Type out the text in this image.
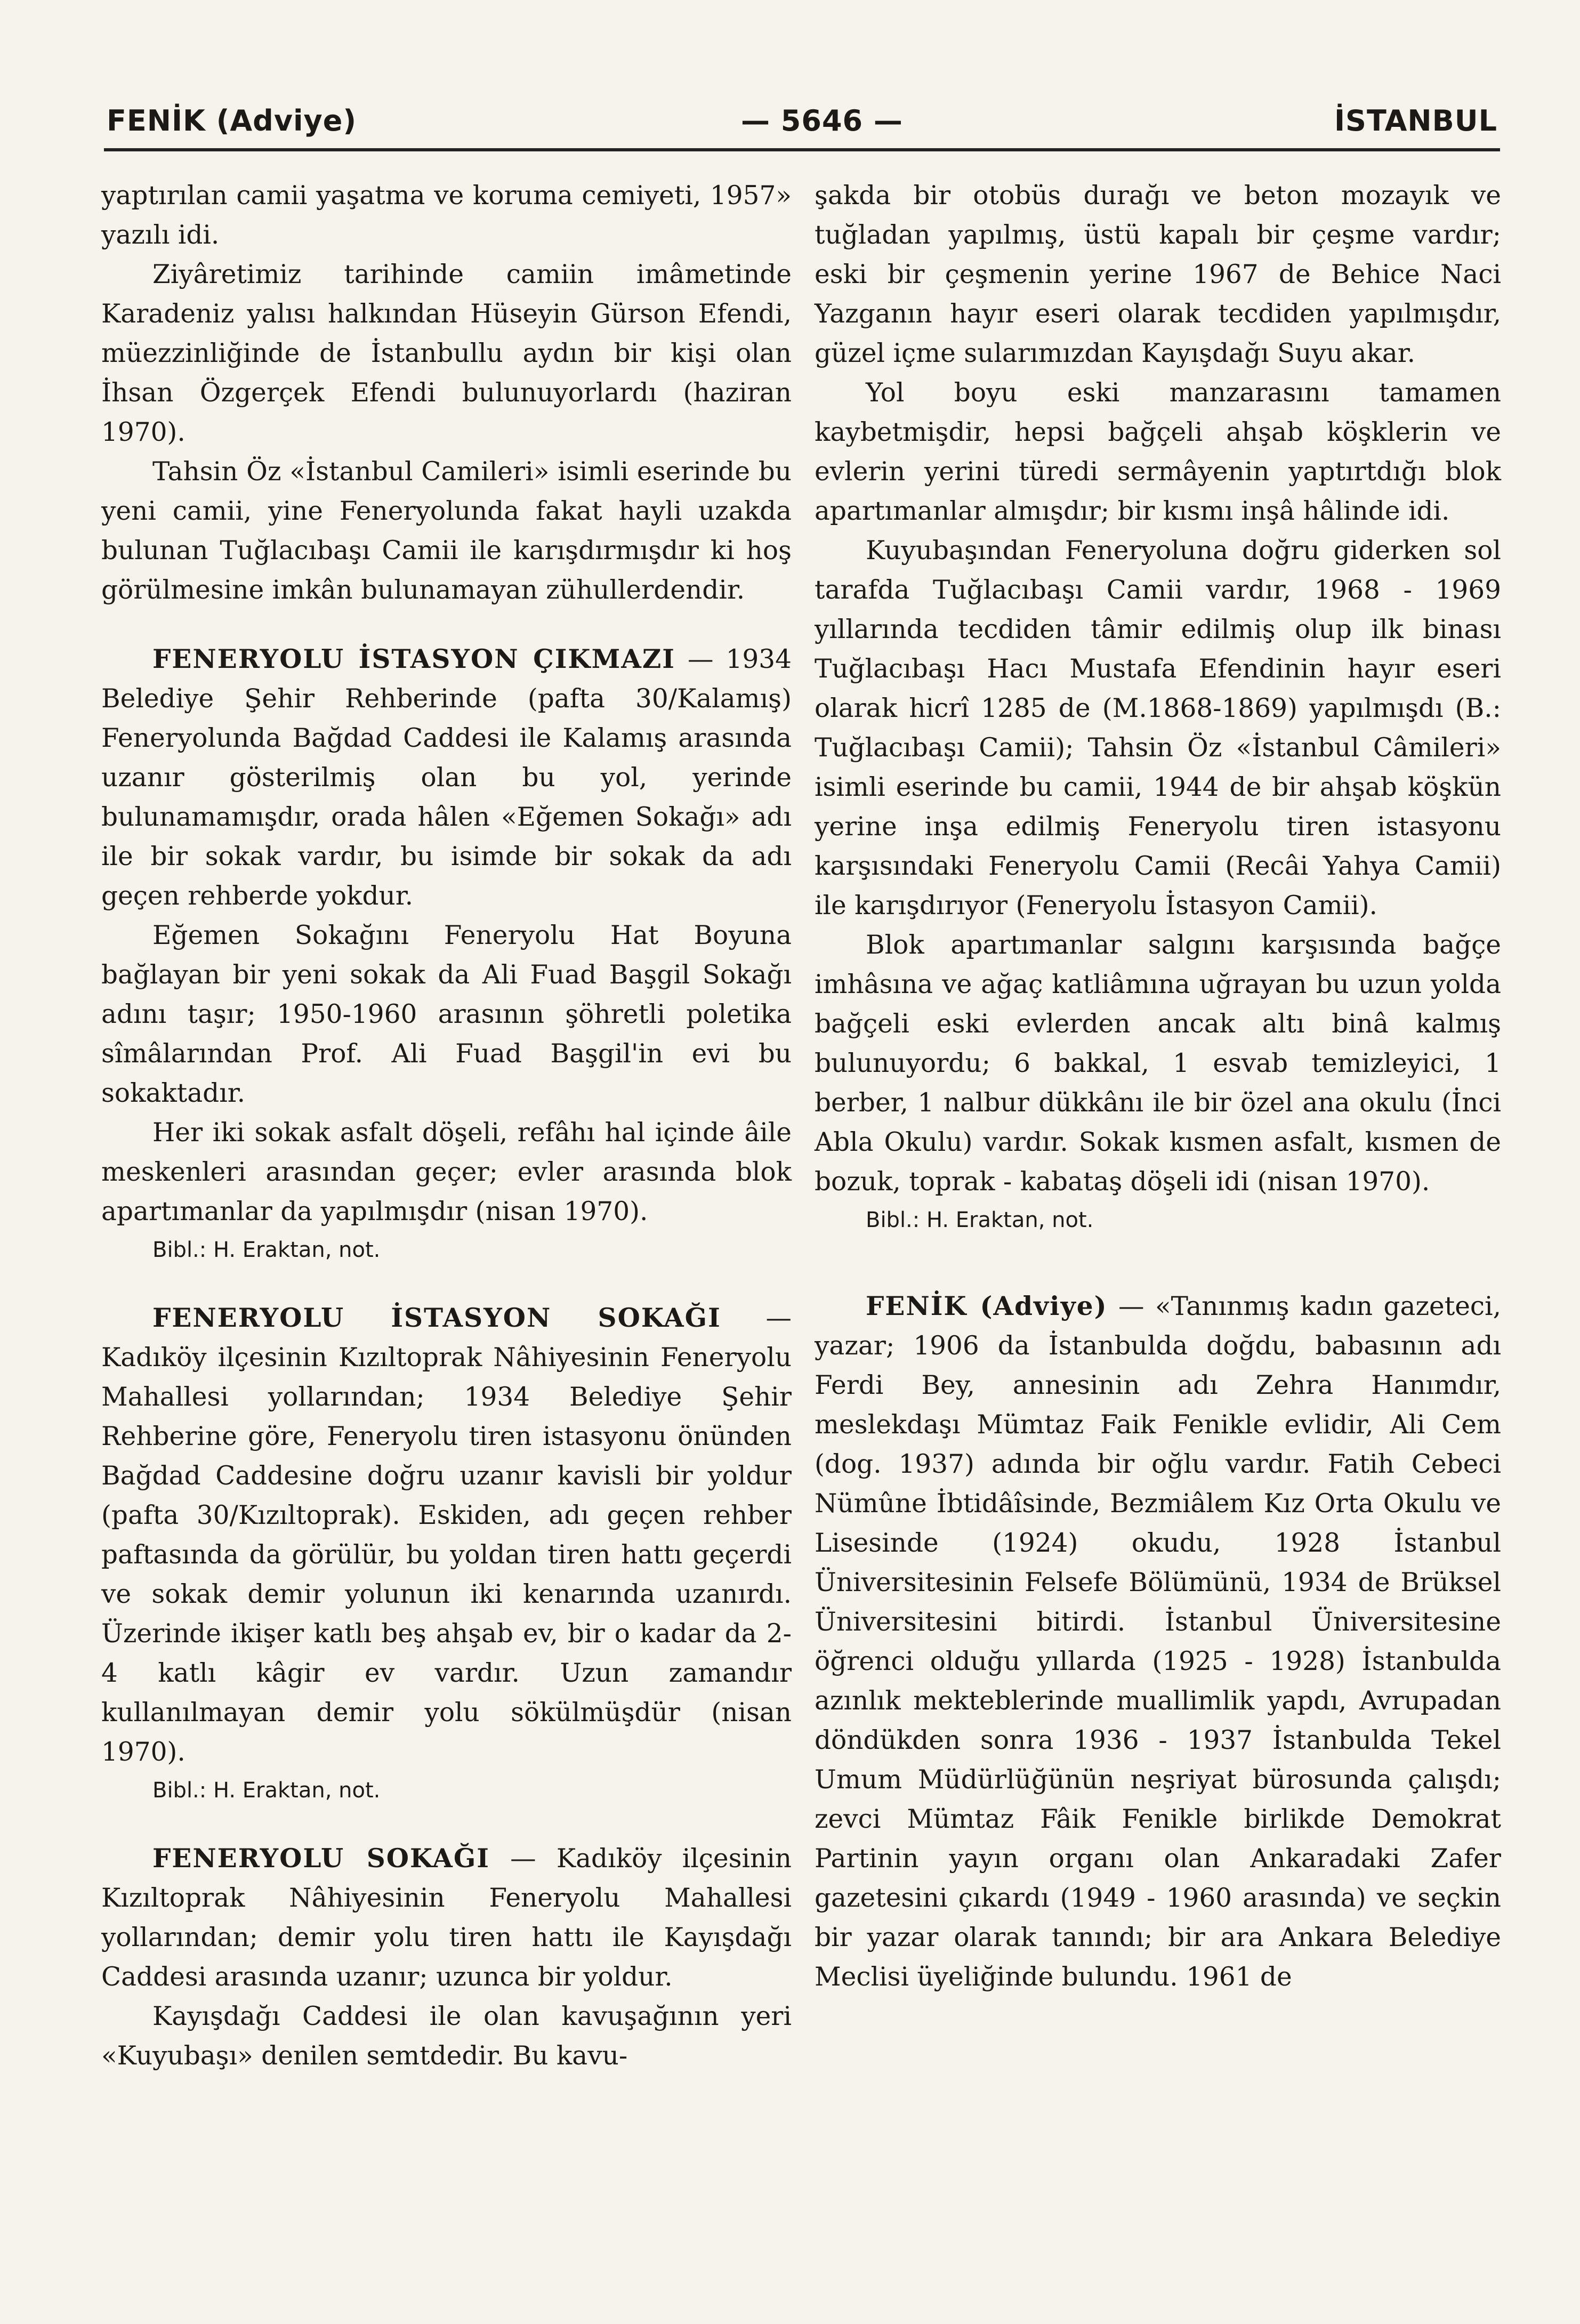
FENİK (Adviye)	— 5646 —	İSTANBUL

yaptırılan camii yaşatma ve koruma cemiyeti, 1957» yazılı idi.

Ziyâretimiz tarihinde camiin imâmetinde Karadeniz yalısı halkından Hüseyin Gürson Efendi, müezzinliğinde de İstanbullu aydın bir kişi olan İhsan Özgerçek Efendi bulunuyorlardı (haziran 1970).

Tahsin Öz «İstanbul Camileri» isimli eserinde bu yeni camii, yine Feneryolunda fakat hayli uzakda bulunan Tuğlacıbaşı Camii ile karışdırmışdır ki hoş görülmesine imkân bulunamayan zühullerdendir.

FENERYOLU İSTASYON ÇIKMAZI — 1934 Belediye Şehir Rehberinde (pafta 30/Kalamış) Feneryolunda Bağdad Caddesi ile Kalamış arasında uzanır gösterilmiş olan bu yol, yerinde bulunamamışdır, orada hâlen «Eğemen Sokağı» adı ile bir sokak vardır, bu isimde bir sokak da adı geçen rehberde yokdur.

Eğemen Sokağını Feneryolu Hat Boyuna bağlayan bir yeni sokak da Ali Fuad Başgil Sokağı adını taşır; 1950-1960 arasının şöhretli poletika sîmâlarından Prof. Ali Fuad Başgil'in evi bu sokaktadır.

Her iki sokak asfalt döşeli, refâhı hal içinde âile meskenleri arasından geçer; evler arasında blok apartımanlar da yapılmışdır (nisan 1970).

Bibl.: H. Eraktan, not.

FENERYOLU İSTASYON SOKAĞI — Kadıköy ilçesinin Kızıltoprak Nâhiyesinin Feneryolu Mahallesi yollarından; 1934 Belediye Şehir Rehberine göre, Feneryolu tiren istasyonu önünden Bağdad Caddesine doğru uzanır kavisli bir yoldur (pafta 30/Kızıltoprak). Eskiden, adı geçen rehber paftasında da görülür, bu yoldan tiren hattı geçerdi ve sokak demir yolunun iki kenarında uzanırdı. Üzerinde ikişer katlı beş ahşab ev, bir o kadar da 2-4 katlı kâgir ev vardır. Uzun zamandır kullanılmayan demir yolu sökülmüşdür (nisan 1970).

Bibl.: H. Eraktan, not.

FENERYOLU SOKAĞI — Kadıköy ilçesinin Kızıltoprak Nâhiyesinin Feneryolu Mahallesi yollarından; demir yolu tiren hattı ile Kayışdağı Caddesi arasında uzanır; uzunca bir yoldur.

Kayışdağı Caddesi ile olan kavuşağının yeri «Kuyubaşı» denilen semtdedir. Bu kavu-

şakda bir otobüs durağı ve beton mozayık ve tuğladan yapılmış, üstü kapalı bir çeşme vardır; eski bir çeşmenin yerine 1967 de Behice Naci Yazganın hayır eseri olarak tecdiden yapılmışdır, güzel içme sularımızdan Kayışdağı Suyu akar.

Yol boyu eski manzarasını tamamen kaybetmişdir, hepsi bağçeli ahşab köşklerin ve evlerin yerini türedi sermâyenin yaptırtdığı blok apartımanlar almışdır; bir kısmı inşâ hâlinde idi.

Kuyubaşından Feneryoluna doğru giderken sol tarafda Tuğlacıbaşı Camii vardır, 1968 - 1969 yıllarında tecdiden tâmir edilmiş olup ilk binası Tuğlacıbaşı Hacı Mustafa Efendinin hayır eseri olarak hicrî 1285 de (M.1868-1869) yapılmışdı (B.: Tuğlacıbaşı Camii); Tahsin Öz «İstanbul Câmileri» isimli eserinde bu camii, 1944 de bir ahşab köşkün yerine inşa edilmiş Feneryolu tiren istasyonu karşısındaki Feneryolu Camii (Recâi Yahya Camii) ile karışdırıyor (Feneryolu İstasyon Camii).

Blok apartımanlar salgını karşısında bağçe imhâsına ve ağaç katliâmına uğrayan bu uzun yolda bağçeli eski evlerden ancak altı binâ kalmış bulunuyordu; 6 bakkal, 1 esvab temizleyici, 1 berber, 1 nalbur dükkânı ile bir özel ana okulu (İnci Abla Okulu) vardır. Sokak kısmen asfalt, kısmen de bozuk, toprak - kabataş döşeli idi (nisan 1970).

Bibl.: H. Eraktan, not.

FENİK (Adviye) — «Tanınmış kadın gazeteci, yazar; 1906 da İstanbulda doğdu, babasının adı Ferdi Bey, annesinin adı Zehra Hanımdır, meslekdaşı Mümtaz Faik Fenikle evlidir, Ali Cem (dog. 1937) adında bir oğlu vardır. Fatih Cebeci Nümûne İbtidâîsinde, Bezmiâlem Kız Orta Okulu ve Lisesinde (1924) okudu, 1928 İstanbul Üniversitesinin Felsefe Bölümünü, 1934 de Brüksel Üniversitesini bitirdi. İstanbul Üniversitesine öğrenci olduğu yıllarda (1925 - 1928) İstanbulda azınlık mekteblerinde muallimlik yapdı, Avrupadan döndükden sonra 1936 - 1937 İstanbulda Tekel Umum Müdürlüğünün neşriyat bürosunda çalışdı; zevci Mümtaz Fâik Fenikle birlikde Demokrat Partinin yayın organı olan Ankaradaki Zafer gazetesini çıkardı (1949 - 1960 arasında) ve seçkin bir yazar olarak tanındı; bir ara Ankara Belediye Meclisi üyeliğinde bulundu. 1961 de
